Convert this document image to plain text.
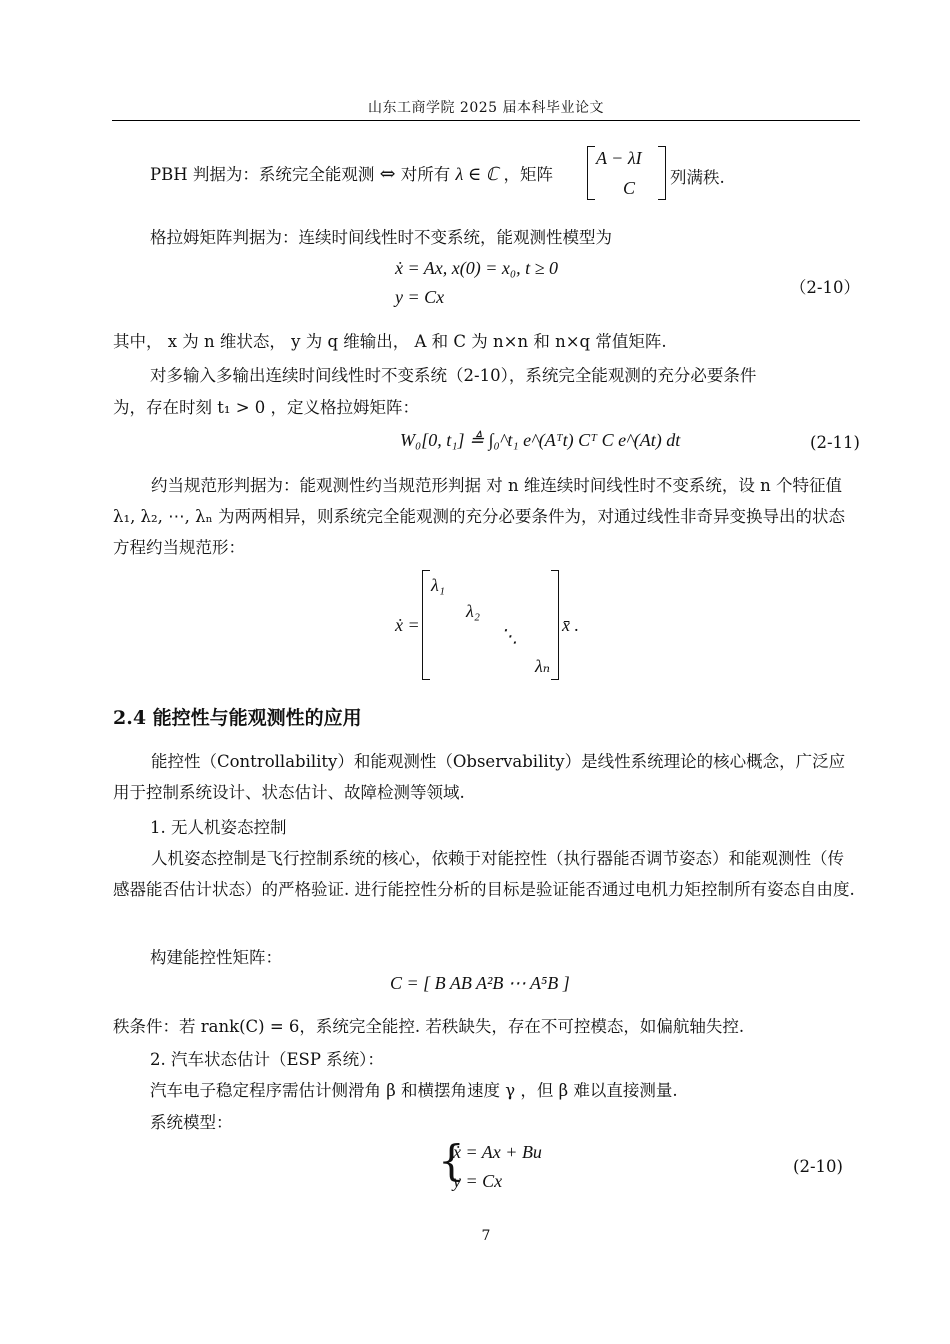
山东工商学院 2025 届本科毕业论文
PBH 判据为：系统完全能观测 ⇔ 对所有 λ ∈ ℂ ，矩阵
A − λI
C
列满秩.
格拉姆矩阵判据为：连续时间线性时不变系统，能观测性模型为
ẋ = Ax, x(0) = x₀, t ≥ 0
y = Cx	（2-10）
其中， x 为 n 维状态， y 为 q 维输出， A 和 C 为 n×n 和 n×q 常值矩阵.
对多输入多输出连续时间线性时不变系统（2-10），系统完全能观测的充分必要条件
为，存在时刻 t₁ > 0 ，定义格拉姆矩阵：
W₀[0, t₁] ≜ ∫₀^t₁ e^(Aᵀt) Cᵀ C e^(At) dt	(2-11)
约当规范形判据为：能观测性约当规范形判据 对 n 维连续时间线性时不变系统，设 n 个特征值 λ₁, λ₂, ⋯, λₙ 为两两相异，则系统完全能观测的充分必要条件为，对通过线性非奇异变换导出的状态方程约当规范形：
ẋ =
λ₁
λ₂
⋱
λₙ
x̄ .
2.4 能控性与能观测性的应用
能控性（Controllability）和能观测性（Observability）是线性系统理论的核心概念，广泛应用于控制系统设计、状态估计、故障检测等领域.
1. 无人机姿态控制
人机姿态控制是飞行控制系统的核心，依赖于对能控性（执行器能否调节姿态）和能观测性（传感器能否估计状态）的严格验证. 进行能控性分析的目标是验证能否通过电机力矩控制所有姿态自由度.
构建能控性矩阵：
C = [ B AB A²B ⋯ A⁵B ]
秩条件：若 rank(C) = 6，系统完全能控. 若秩缺失，存在不可控模态，如偏航轴失控.
2. 汽车状态估计（ESP 系统）：
汽车电子稳定程序需估计侧滑角 β 和横摆角速度 γ ，但 β 难以直接测量.
系统模型：
{
ẋ = Ax + Bu
y = Cx
(2-10)
7
